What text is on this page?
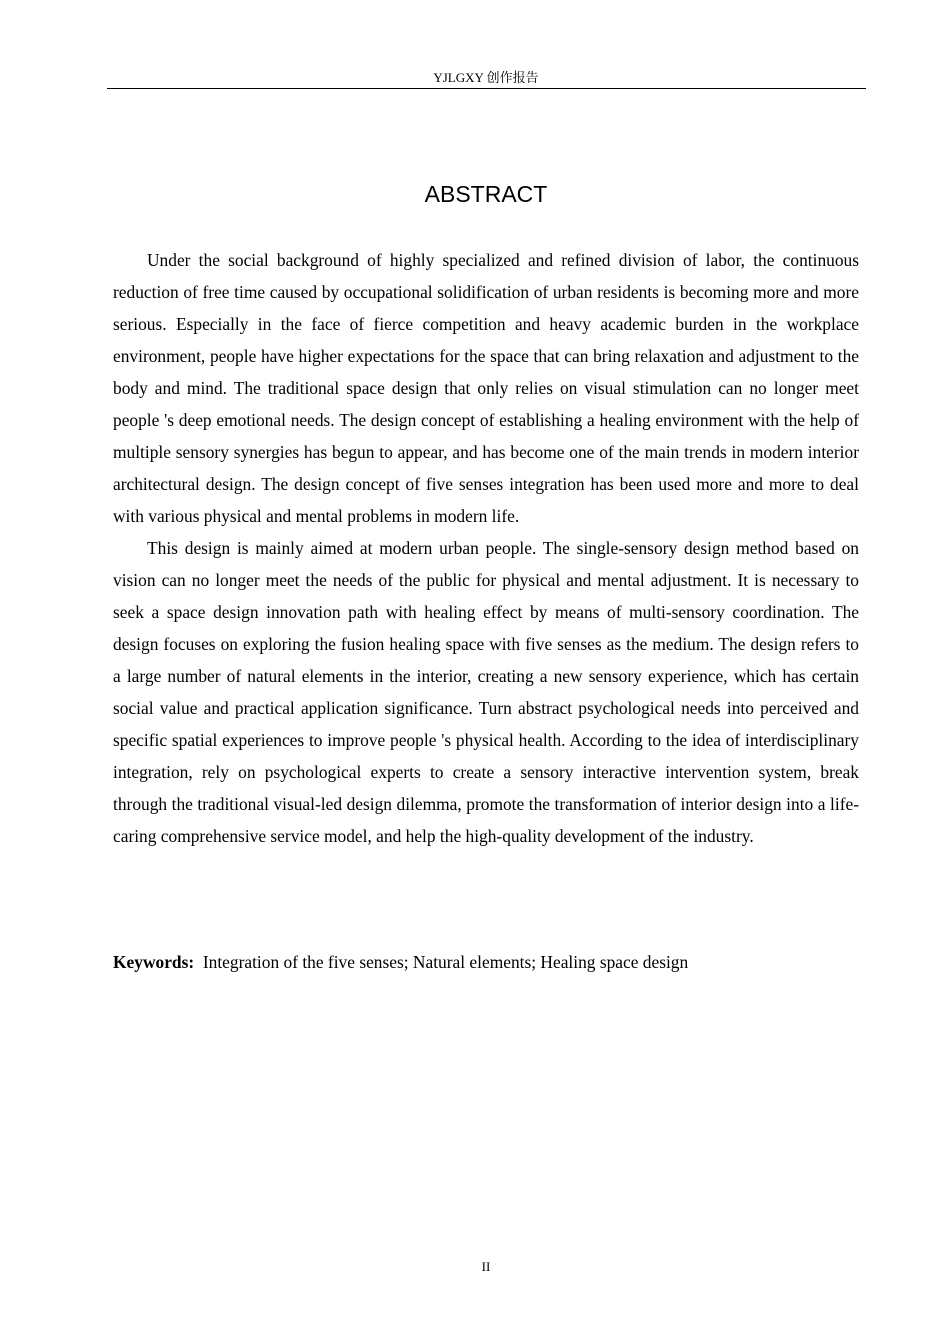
YJLGXY 创作报告
ABSTRACT

Under the social background of highly specialized and refined division of labor, the continuous reduction of free time caused by occupational solidification of urban residents is becoming more and more serious. Especially in the face of fierce competition and heavy academic burden in the workplace environment, people have higher expectations for the space that can bring relaxation and adjustment to the body and mind. The traditional space design that only relies on visual stimulation can no longer meet people 's deep emotional needs. The design concept of establishing a healing environment with the help of multiple sensory synergies has begun to appear, and has become one of the main trends in modern interior architectural design. The design concept of five senses integration has been used more and more to deal with various physical and mental problems in modern life.

This design is mainly aimed at modern urban people. The single-sensory design method based on vision can no longer meet the needs of the public for physical and mental adjustment. It is necessary to seek a space design innovation path with healing effect by means of multi-sensory coordination. The design focuses on exploring the fusion healing space with five senses as the medium. The design refers to a large number of natural elements in the interior, creating a new sensory experience, which has certain social value and practical application significance. Turn abstract psychological needs into perceived and specific spatial experiences to improve people 's physical health. According to the idea of interdisciplinary integration, rely on psychological experts to create a sensory interactive intervention system, break through the traditional visual-led design dilemma, promote the transformation of interior design into a life-caring comprehensive service model, and help the high-quality development of the industry.

Keywords: Integration of the five senses; Natural elements; Healing space design
II
